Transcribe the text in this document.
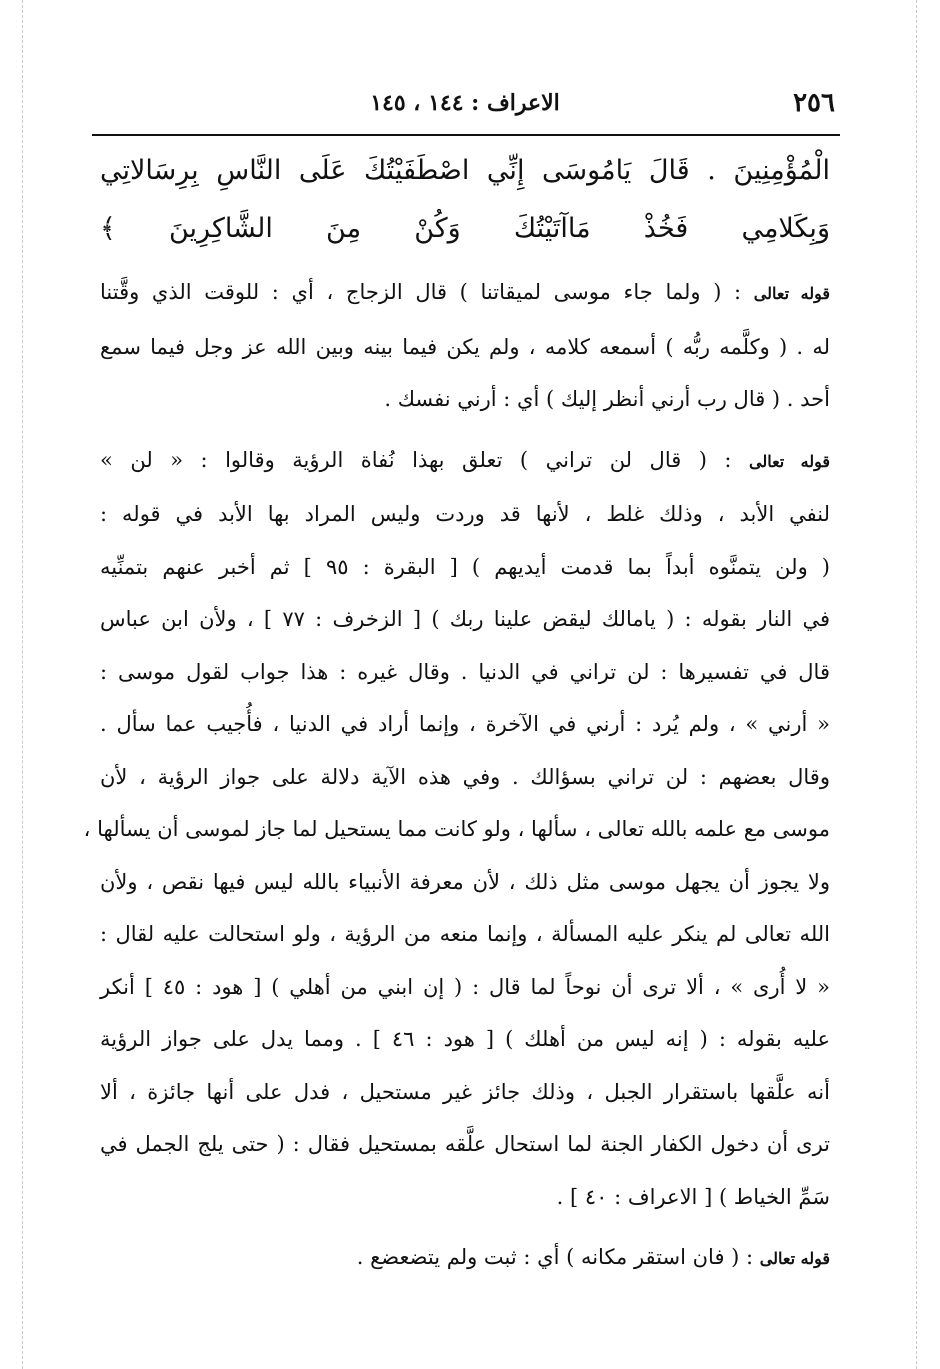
٢٥٦
الاعراف : ١٤٤ ، ١٤٥
الْمُؤْمِنِينَ . قَالَ يَامُوسَى إِنِّي اصْطَفَيْتُكَ عَلَى النَّاسِ بِرِسَالاتِي
وَبِكَلامِي فَخُذْ مَاآتَيْتُكَ وَكُنْ مِنَ الشَّاكِرِينَ ﴾
قوله تعالى : ( ولما جاء موسى لميقاتنا ) قال الزجاج ، أي : للوقت الذي وقَّتنا
له . ( وكلَّمه ربُّه ) أسمعه كلامه ، ولم يكن فيما بينه وبين الله عز وجل فيما سمع
أحد . ( قال رب أرني أنظر إليك ) أي : أرني نفسك .
قوله تعالى : ( قال لن تراني ) تعلق بهذا نُفاة الرؤية وقالوا : « لن »
لنفي الأبد ، وذلك غلط ، لأنها قد وردت وليس المراد بها الأبد في قوله :
( ولن يتمنَّوه أبداً بما قدمت أيديهم ) [ البقرة : ٩٥ ] ثم أخبر عنهم بتمنِّيه
في النار بقوله : ( يامالك ليقض علينا ربك ) [ الزخرف : ٧٧ ] ، ولأن ابن عباس
قال في تفسيرها : لن تراني في الدنيا . وقال غيره : هذا جواب لقول موسى :
« أرني » ، ولم يُرد : أرني في الآخرة ، وإنما أراد في الدنيا ، فأُجيب عما سأل .
وقال بعضهم : لن تراني بسؤالك . وفي هذه الآية دلالة على جواز الرؤية ، لأن
موسى مع علمه بالله تعالى ، سألها ، ولو كانت مما يستحيل لما جاز لموسى أن يسألها ،
ولا يجوز أن يجهل موسى مثل ذلك ، لأن معرفة الأنبياء بالله ليس فيها نقص ، ولأن
الله تعالى لم ينكر عليه المسألة ، وإنما منعه من الرؤية ، ولو استحالت عليه لقال :
« لا أُرى » ، ألا ترى أن نوحاً لما قال : ( إن ابني من أهلي ) [ هود : ٤٥ ] أنكر
عليه بقوله : ( إنه ليس من أهلك ) [ هود : ٤٦ ] . ومما يدل على جواز الرؤية
أنه علَّقها باستقرار الجبل ، وذلك جائز غير مستحيل ، فدل على أنها جائزة ، ألا
ترى أن دخول الكفار الجنة لما استحال علَّقه بمستحيل فقال : ( حتى يلج الجمل في
سَمِّ الخياط ) [ الاعراف : ٤٠ ] .
قوله تعالى : ( فان استقر مكانه ) أي : ثبت ولم يتضعضع .
